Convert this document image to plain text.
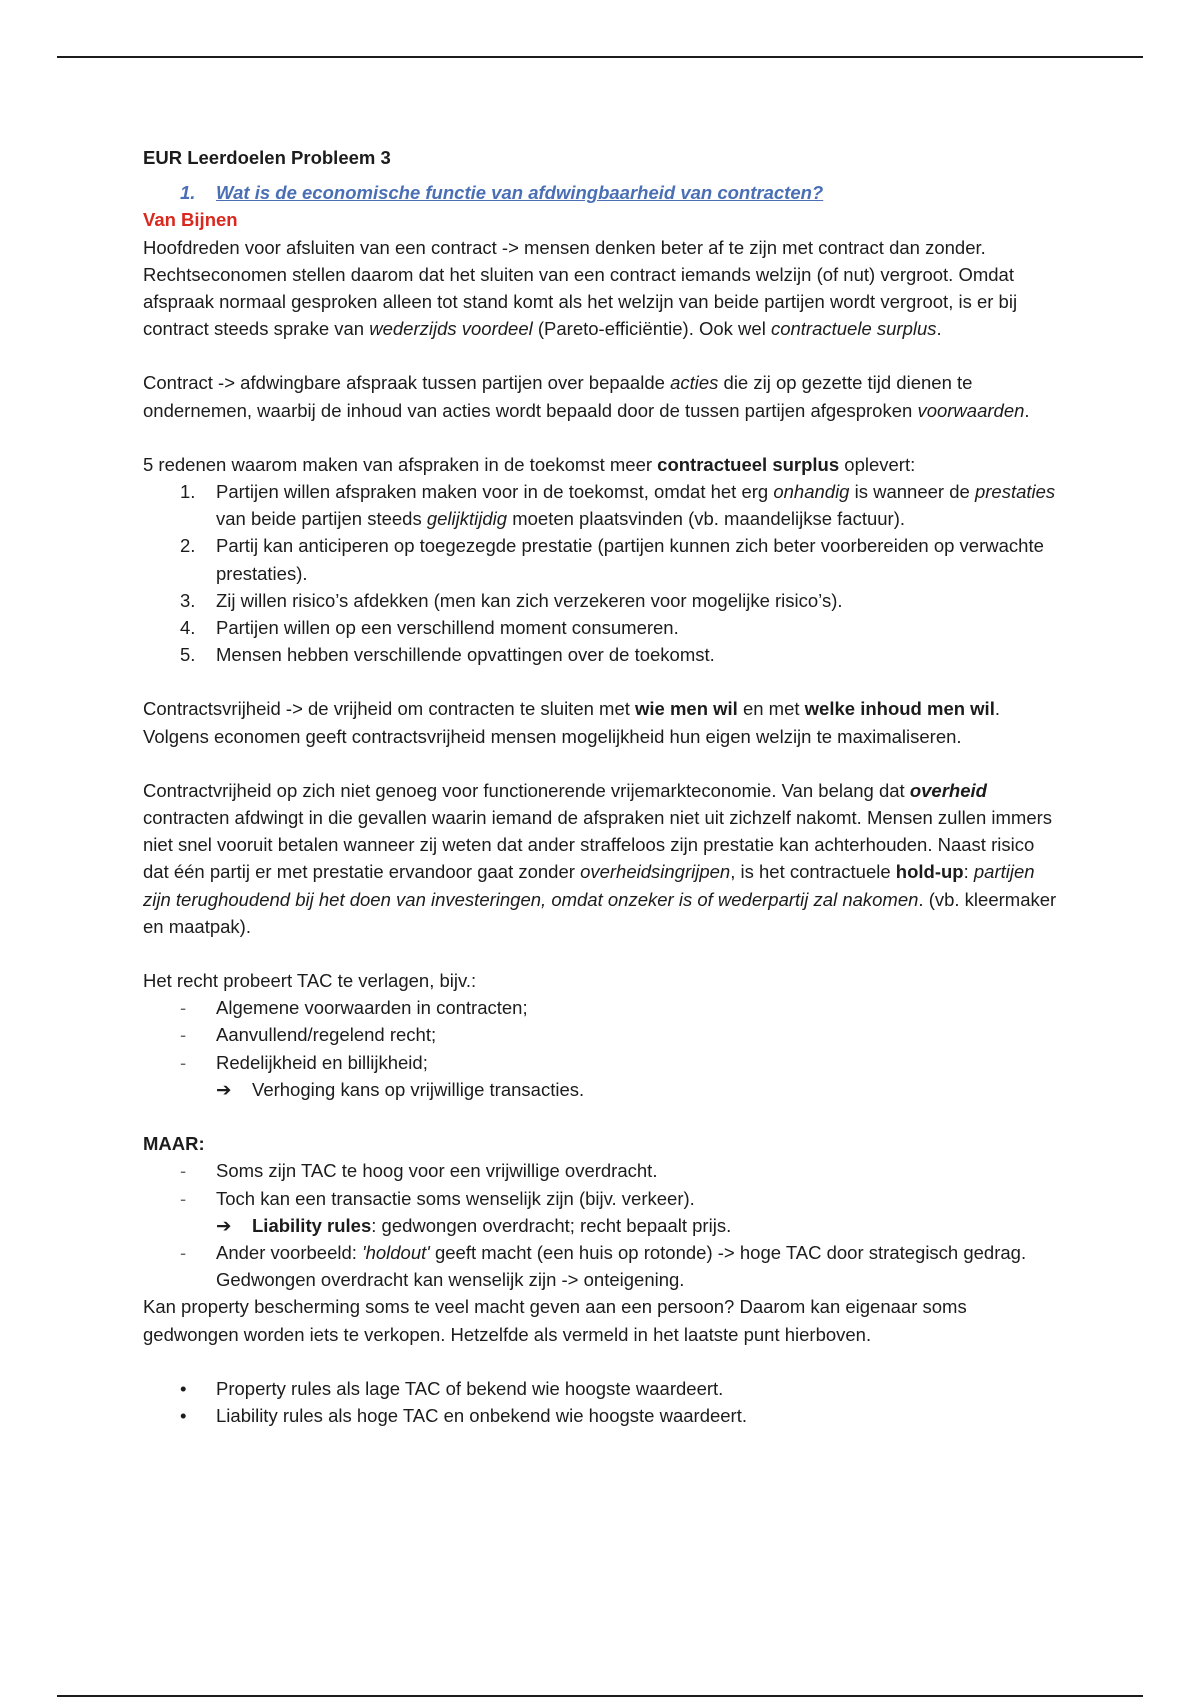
EUR Leerdoelen Probleem 3

1.	Wat is de economische functie van afdwingbaarheid van contracten?

Van Bijnen

Hoofdreden voor afsluiten van een contract -> mensen denken beter af te zijn met contract dan zonder. Rechtseconomen stellen daarom dat het sluiten van een contract iemands welzijn (of nut) vergroot. Omdat afspraak normaal gesproken alleen tot stand komt als het welzijn van beide partijen wordt vergroot, is er bij contract steeds sprake van wederzijds voordeel (Pareto-efficiëntie). Ook wel contractuele surplus.

Contract -> afdwingbare afspraak tussen partijen over bepaalde acties die zij op gezette tijd dienen te ondernemen, waarbij de inhoud van acties wordt bepaald door de tussen partijen afgesproken voorwaarden.

5 redenen waarom maken van afspraken in de toekomst meer contractueel surplus oplevert:

1.	Partijen willen afspraken maken voor in de toekomst, omdat het erg onhandig is wanneer de prestaties van beide partijen steeds gelijktijdig moeten plaatsvinden (vb. maandelijkse factuur).
2.	Partij kan anticiperen op toegezegde prestatie (partijen kunnen zich beter voorbereiden op verwachte prestaties).
3.	Zij willen risico’s afdekken (men kan zich verzekeren voor mogelijke risico’s).
4.	Partijen willen op een verschillend moment consumeren.
5.	Mensen hebben verschillende opvattingen over de toekomst.

Contractsvrijheid -> de vrijheid om contracten te sluiten met wie men wil en met welke inhoud men wil. Volgens economen geeft contractsvrijheid mensen mogelijkheid hun eigen welzijn te maximaliseren.

Contractvrijheid op zich niet genoeg voor functionerende vrijemarkteconomie. Van belang dat overheid contracten afdwingt in die gevallen waarin iemand de afspraken niet uit zichzelf nakomt. Mensen zullen immers niet snel vooruit betalen wanneer zij weten dat ander straffeloos zijn prestatie kan achterhouden. Naast risico dat één partij er met prestatie ervandoor gaat zonder overheidsingrijpen, is het contractuele hold-up: partijen zijn terughoudend bij het doen van investeringen, omdat onzeker is of wederpartij zal nakomen. (vb. kleermaker en maatpak).

Het recht probeert TAC te verlagen, bijv.:

-	Algemene voorwaarden in contracten;
-	Aanvullend/regelend recht;
-	Redelijkheid en billijkheid;
➔	Verhoging kans op vrijwillige transacties.

MAAR:

-	Soms zijn TAC te hoog voor een vrijwillige overdracht.
-	Toch kan een transactie soms wenselijk zijn (bijv. verkeer).
➔	Liability rules: gedwongen overdracht; recht bepaalt prijs.
-	Ander voorbeeld: 'holdout' geeft macht (een huis op rotonde) -> hoge TAC door strategisch gedrag. Gedwongen overdracht kan wenselijk zijn -> onteigening.

Kan property bescherming soms te veel macht geven aan een persoon? Daarom kan eigenaar soms gedwongen worden iets te verkopen. Hetzelfde als vermeld in het laatste punt hierboven.

•	Property rules als lage TAC of bekend wie hoogste waardeert.
•	Liability rules als hoge TAC en onbekend wie hoogste waardeert.
